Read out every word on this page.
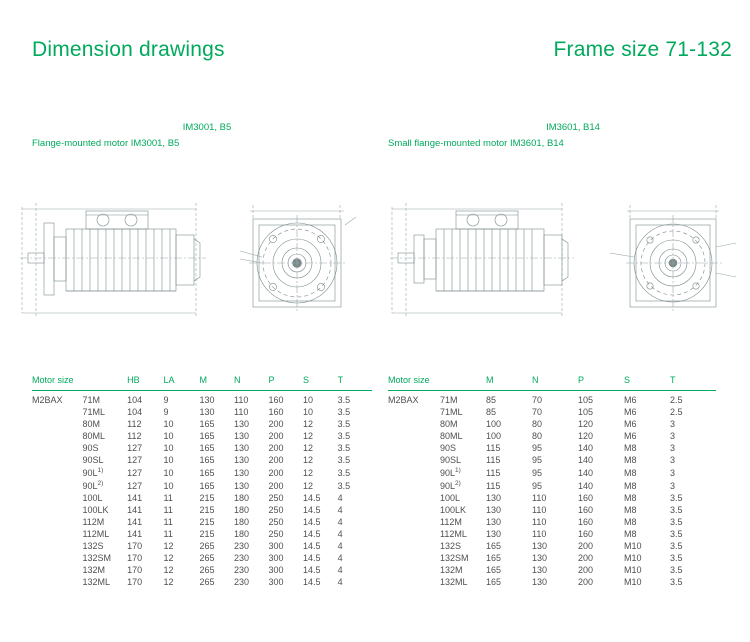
Dimension drawings	Frame size 71-132
IM3001, B5
Flange-mounted motor IM3001, B5
IM3601, B14
Small flange-mounted motor IM3601, B14
Motor size		HB	LA	M	N	P	S	T
M2BAX	71M	104	9	130	110	160	10	3.5
	71ML	104	9	130	110	160	10	3.5
	80M	112	10	165	130	200	12	3.5
	80ML	112	10	165	130	200	12	3.5
	90S	127	10	165	130	200	12	3.5
	90SL	127	10	165	130	200	12	3.5
	$90L^{1)}$	127	10	165	130	200	12	3.5
	$90L^{2)}$	127	10	165	130	200	12	3.5
	100L	141	11	215	180	250	14.5	4
	100LK	141	11	215	180	250	14.5	4
	112M	141	11	215	180	250	14.5	4
	112ML	141	11	215	180	250	14.5	4
	132S	170	12	265	230	300	14.5	4
	132SM	170	12	265	230	300	14.5	4
	132M	170	12	265	230	300	14.5	4
	132ML	170	12	265	230	300	14.5	4
Motor size		M	N	P	S	T
M2BAX	71M	85	70	105	M6	2.5
	71ML	85	70	105	M6	2.5
	80M	100	80	120	M6	3
	80ML	100	80	120	M6	3
	90S	115	95	140	M8	3
	90SL	115	95	140	M8	3
	$90L^{1)}$	115	95	140	M8	3
	$90L^{2)}$	115	95	140	M8	3
	100L	130	110	160	M8	3.5
	100LK	130	110	160	M8	3.5
	112M	130	110	160	M8	3.5
	112ML	130	110	160	M8	3.5
	132S	165	130	200	M10	3.5
	132SM	165	130	200	M10	3.5
	132M	165	130	200	M10	3.5
	132ML	165	130	200	M10	3.5
